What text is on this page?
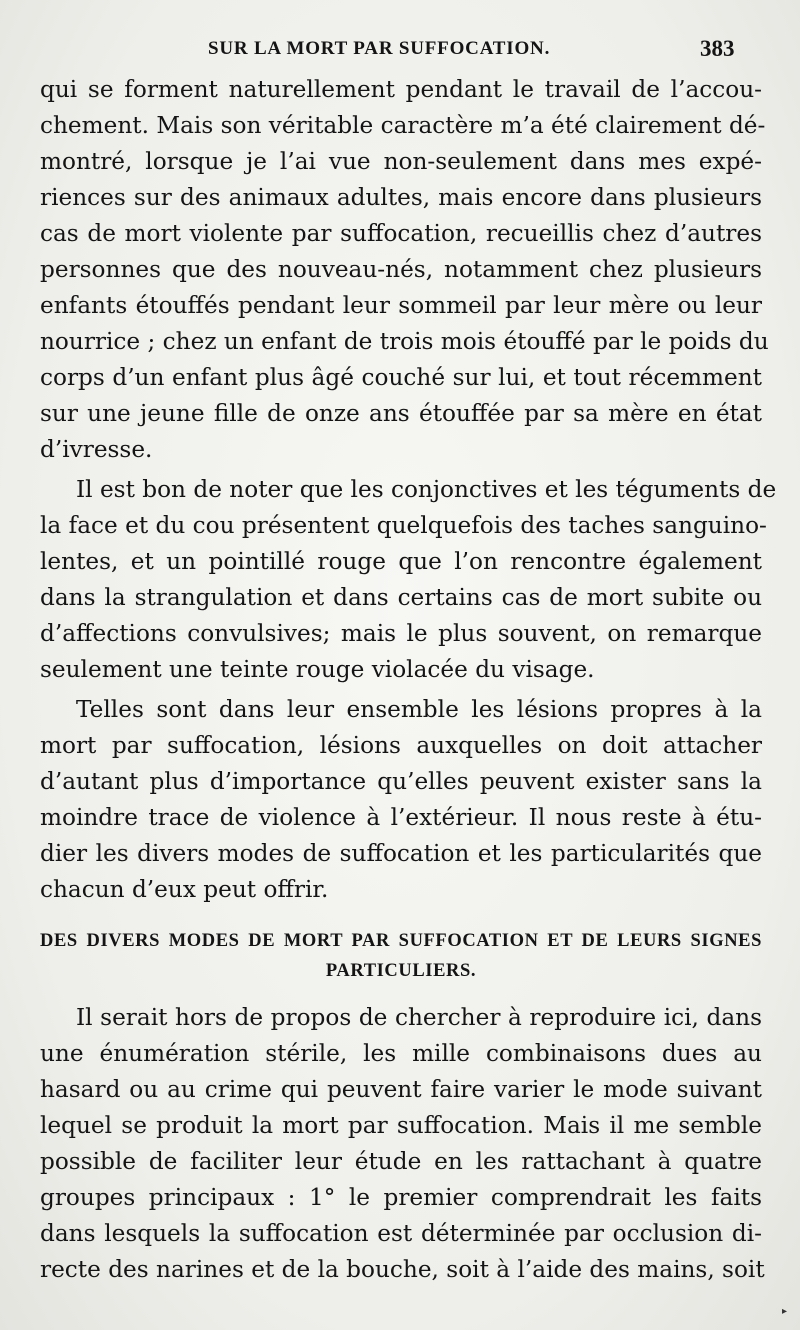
SUR LA MORT PAR SUFFOCATION.	383
qui se forment naturellement pendant le travail de l’accou-
chement. Mais son véritable caractère m’a été clairement dé-
montré, lorsque je l’ai vue non-seulement dans mes expé-
riences sur des animaux adultes, mais encore dans plusieurs
cas de mort violente par suffocation, recueillis chez d’autres
personnes que des nouveau-nés, notamment chez plusieurs
enfants étouffés pendant leur sommeil par leur mère ou leur
nourrice ; chez un enfant de trois mois étouffé par le poids du
corps d’un enfant plus âgé couché sur lui, et tout récemment
sur une jeune fille de onze ans étouffée par sa mère en état
d’ivresse.
Il est bon de noter que les conjonctives et les téguments de
la face et du cou présentent quelquefois des taches sanguino-
lentes, et un pointillé rouge que l’on rencontre également
dans la strangulation et dans certains cas de mort subite ou
d’affections convulsives; mais le plus souvent, on remarque
seulement une teinte rouge violacée du visage.
Telles sont dans leur ensemble les lésions propres à la
mort par suffocation, lésions auxquelles on doit attacher
d’autant plus d’importance qu’elles peuvent exister sans la
moindre trace de violence à l’extérieur. Il nous reste à étu-
dier les divers modes de suffocation et les particularités que
chacun d’eux peut offrir.
DES DIVERS MODES DE MORT PAR SUFFOCATION ET DE LEURS SIGNES
PARTICULIERS.
Il serait hors de propos de chercher à reproduire ici, dans
une énumération stérile, les mille combinaisons dues au
hasard ou au crime qui peuvent faire varier le mode suivant
lequel se produit la mort par suffocation. Mais il me semble
possible de faciliter leur étude en les rattachant à quatre
groupes principaux : 1° le premier comprendrait les faits
dans lesquels la suffocation est déterminée par occlusion di-
recte des narines et de la bouche, soit à l’aide des mains, soit
▸
